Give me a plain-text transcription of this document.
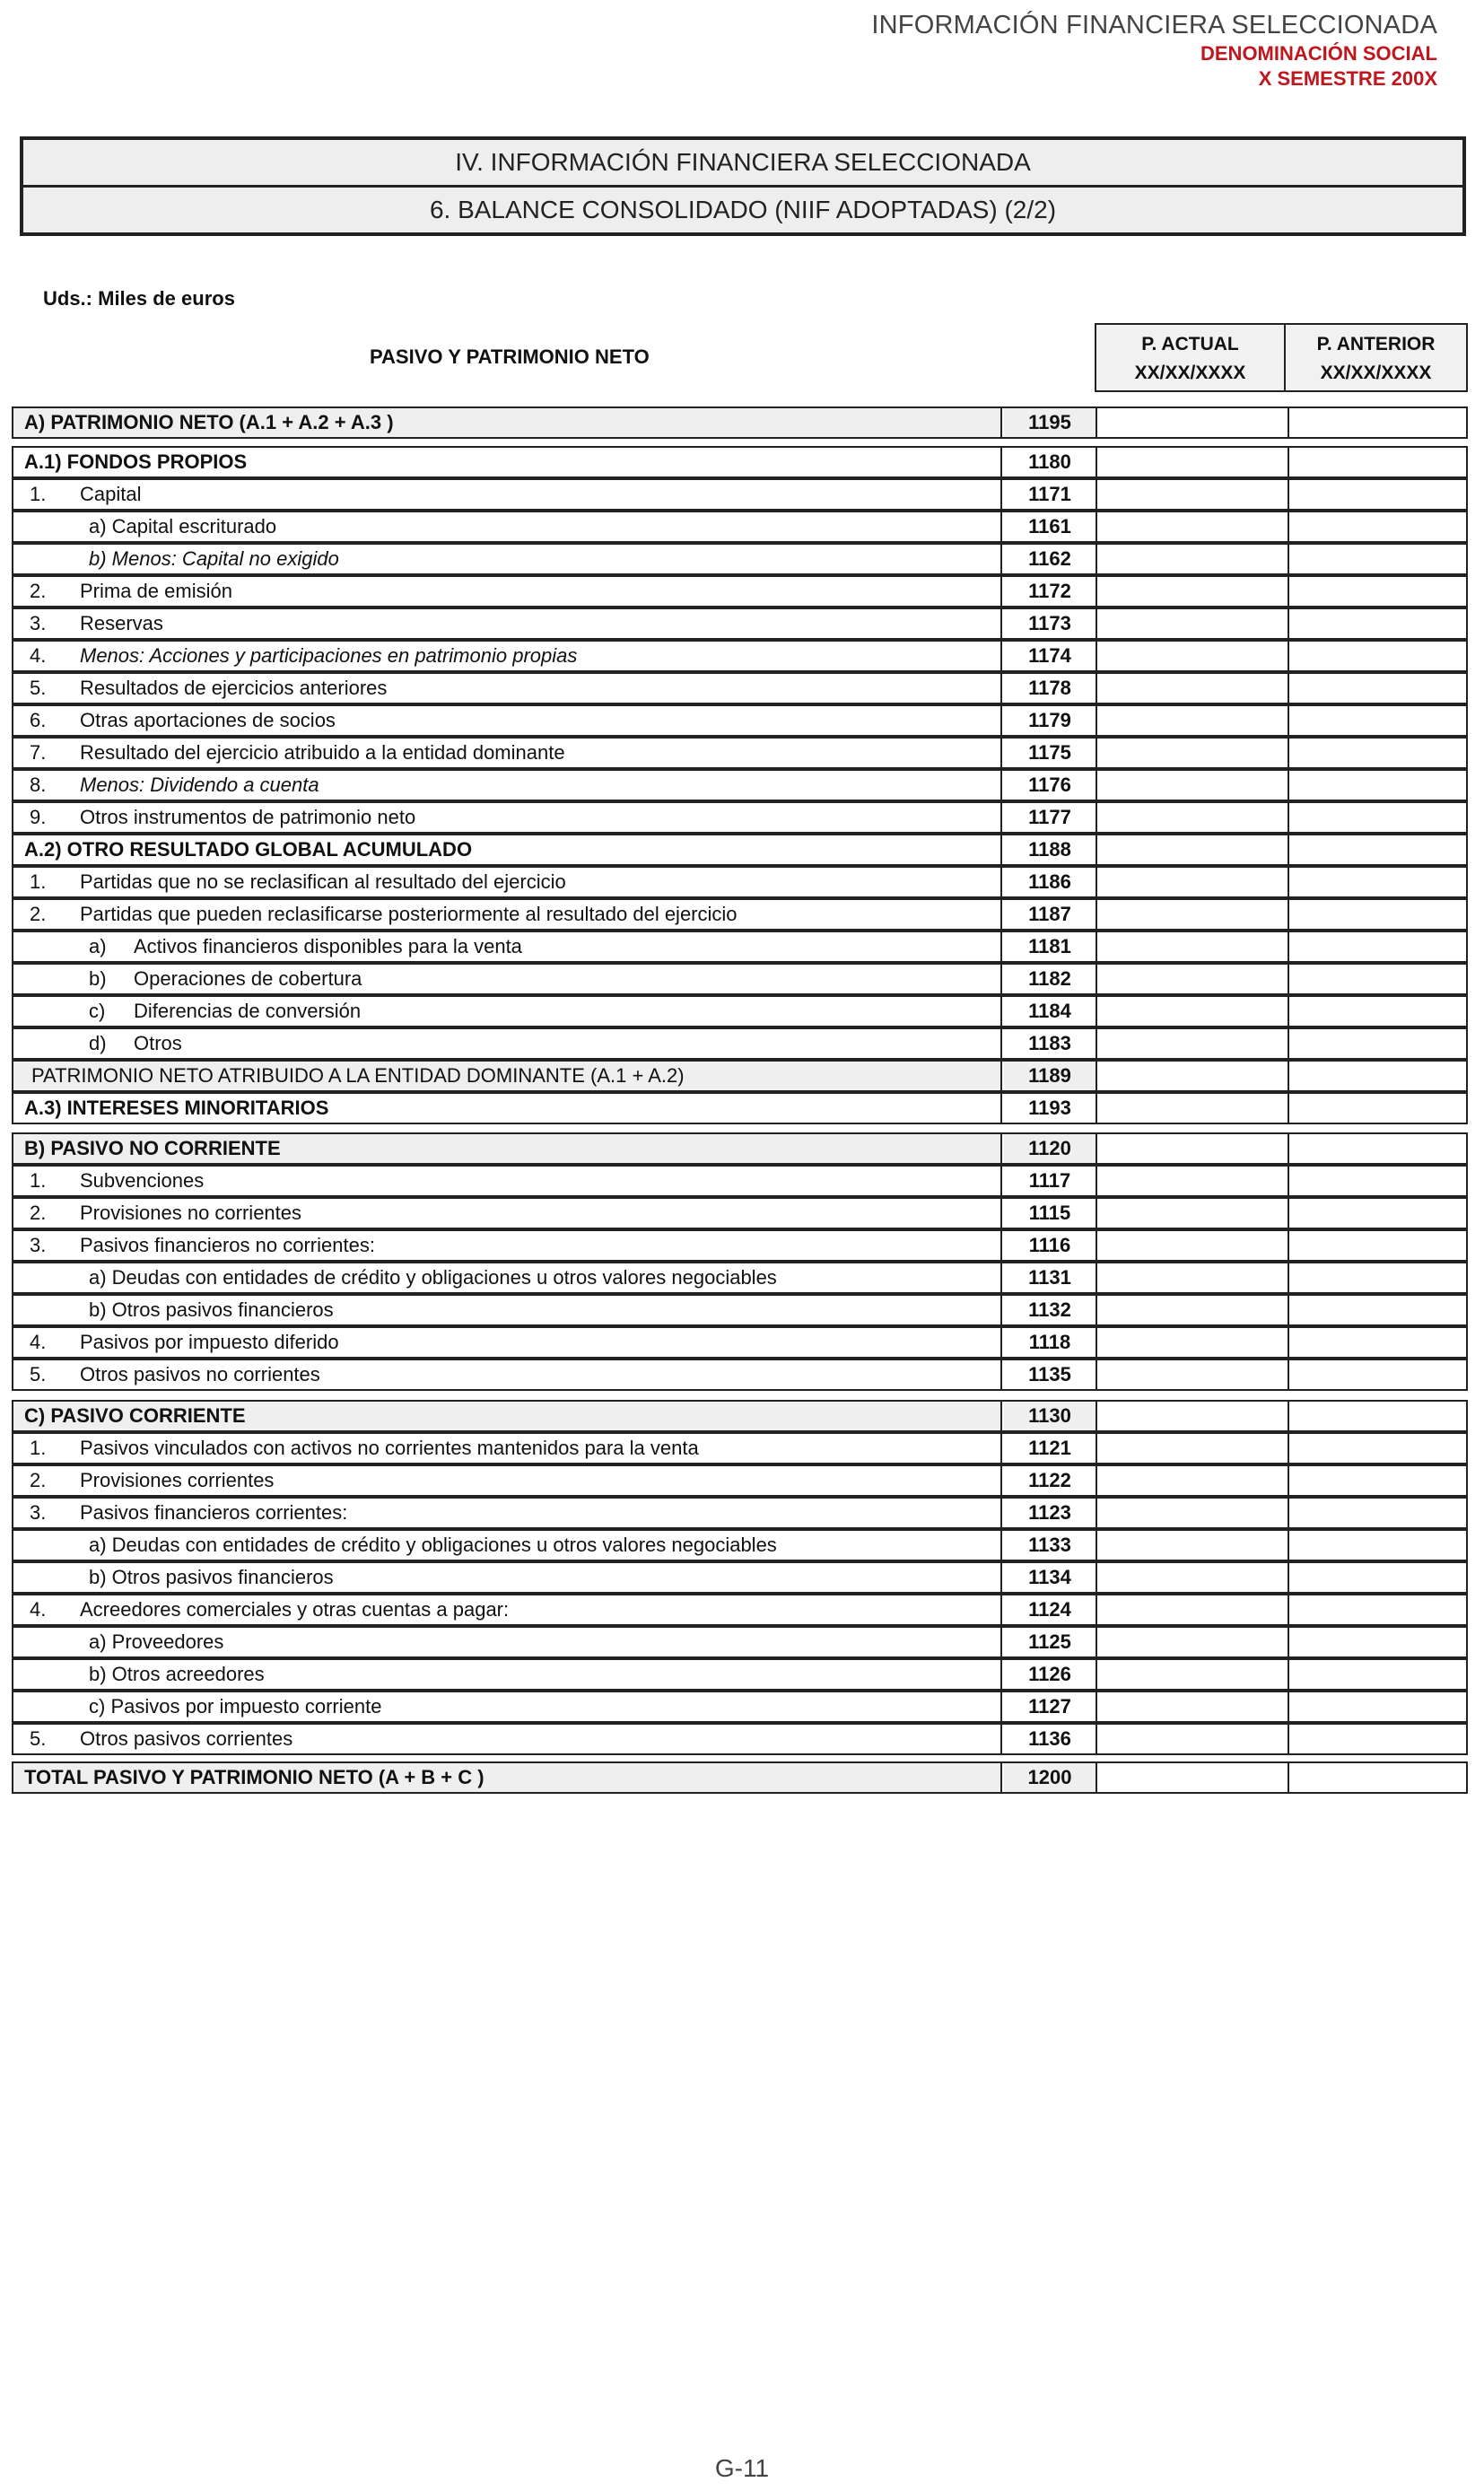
INFORMACIÓN FINANCIERA SELECCIONADA
DENOMINACIÓN SOCIAL
X SEMESTRE 200X
IV. INFORMACIÓN FINANCIERA SELECCIONADA
6. BALANCE CONSOLIDADO (NIIF ADOPTADAS) (2/2)
Uds.: Miles de euros
PASIVO Y PATRIMONIO NETO
P. ACTUAL
XX/XX/XXXX
P. ANTERIOR
XX/XX/XXXX
A) PATRIMONIO NETO (A.1 + A.2 + A.3 )	1195
A.1) FONDOS PROPIOS	1180
1. Capital	1171
a) Capital escriturado	1161
b) Menos: Capital no exigido	1162
2. Prima de emisión	1172
3. Reservas	1173
4. Menos: Acciones y participaciones en patrimonio propias	1174
5. Resultados de ejercicios anteriores	1178
6. Otras aportaciones de socios	1179
7. Resultado del ejercicio atribuido a la entidad dominante	1175
8. Menos: Dividendo a cuenta	1176
9. Otros instrumentos de patrimonio neto	1177
A.2) OTRO RESULTADO GLOBAL ACUMULADO	1188
1. Partidas que no se reclasifican al resultado del ejercicio	1186
2. Partidas que pueden reclasificarse posteriormente al resultado del ejercicio	1187
a) Activos financieros disponibles para la venta	1181
b) Operaciones de cobertura	1182
c) Diferencias de conversión	1184
d) Otros	1183
PATRIMONIO NETO ATRIBUIDO A LA ENTIDAD DOMINANTE (A.1 + A.2)	1189
A.3) INTERESES MINORITARIOS	1193
B) PASIVO NO CORRIENTE	1120
1. Subvenciones	1117
2. Provisiones no corrientes	1115
3. Pasivos financieros no corrientes:	1116
a) Deudas con entidades de crédito y obligaciones u otros valores negociables	1131
b) Otros pasivos financieros	1132
4. Pasivos por impuesto diferido	1118
5. Otros pasivos no corrientes	1135
C) PASIVO CORRIENTE	1130
1. Pasivos vinculados con activos no corrientes mantenidos para la venta	1121
2. Provisiones corrientes	1122
3. Pasivos financieros corrientes:	1123
a) Deudas con entidades de crédito y obligaciones u otros valores negociables	1133
b) Otros pasivos financieros	1134
4. Acreedores comerciales y otras cuentas a pagar:	1124
a) Proveedores	1125
b) Otros acreedores	1126
c) Pasivos por impuesto corriente	1127
5. Otros pasivos corrientes	1136
TOTAL PASIVO Y PATRIMONIO NETO (A + B + C )	1200
G-11
